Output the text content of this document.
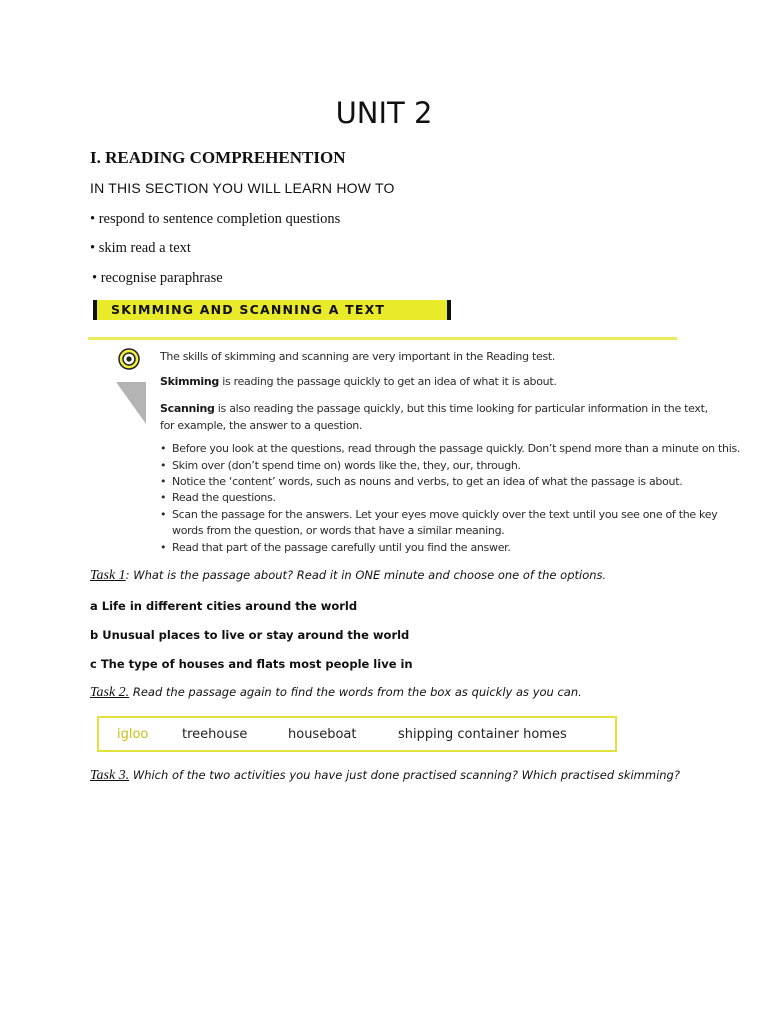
UNIT 2
I. READING COMPREHENTION
IN THIS SECTION YOU WILL LEARN HOW TO
• respond to sentence completion questions
• skim read a text
• recognise paraphrase
SKIMMING AND SCANNING A TEXT
The skills of skimming and scanning are very important in the Reading test.
Skimming is reading the passage quickly to get an idea of what it is about.
Scanning is also reading the passage quickly, but this time looking for particular information in the text,
for example, the answer to a question.
• Before you look at the questions, read through the passage quickly. Don’t spend more than a minute on this.
• Skim over (don’t spend time on) words like the, they, our, through.
• Notice the ‘content’ words, such as nouns and verbs, to get an idea of what the passage is about.
• Read the questions.
• Scan the passage for the answers. Let your eyes move quickly over the text until you see one of the key
words from the question, or words that have a similar meaning.
• Read that part of the passage carefully until you find the answer.
Task 1: What is the passage about? Read it in ONE minute and choose one of the options.
a Life in different cities around the world
b Unusual places to live or stay around the world
c The type of houses and flats most people live in
Task 2. Read the passage again to find the words from the box as quickly as you can.
igloo	treehouse	houseboat	shipping container homes
Task 3. Which of the two activities you have just done practised scanning? Which practised skimming?
